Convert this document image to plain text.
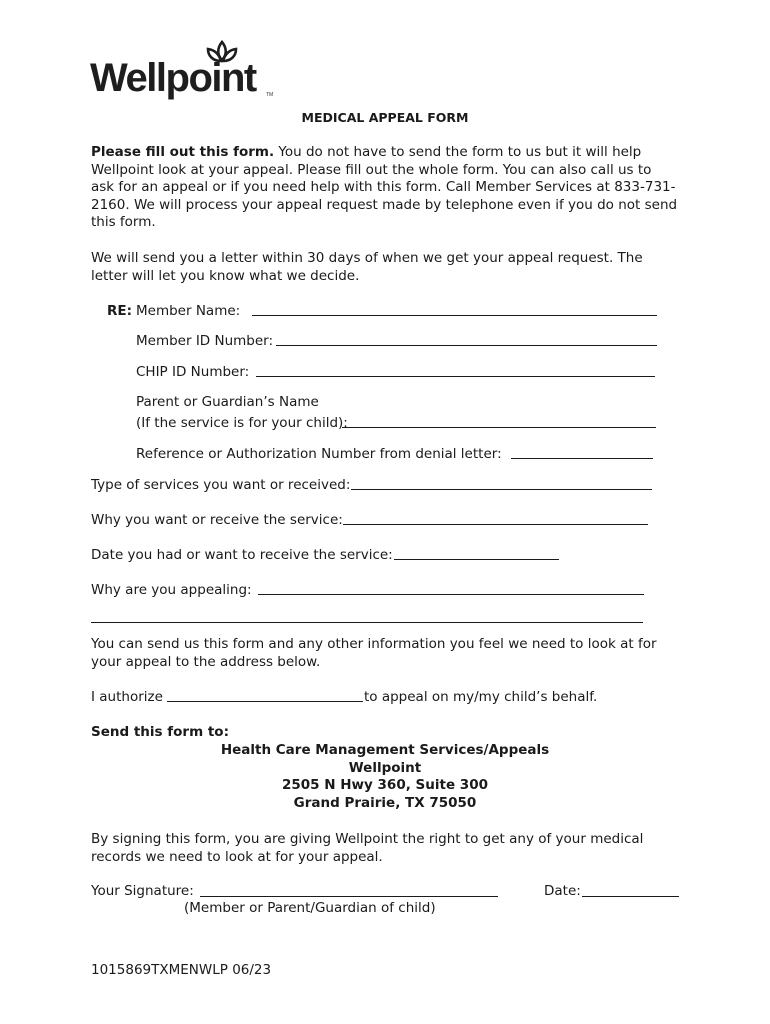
Wellpoint TM
MEDICAL APPEAL FORM
Please fill out this form. You do not have to send the form to us but it will help
Wellpoint look at your appeal. Please fill out the whole form. You can also call us to
ask for an appeal or if you need help with this form. Call Member Services at 833-731-
2160. We will process your appeal request made by telephone even if you do not send
this form.
We will send you a letter within 30 days of when we get your appeal request. The
letter will let you know what we decide.
RE: Member Name:
Member ID Number:
CHIP ID Number:
Parent or Guardian’s Name
(If the service is for your child):
Reference or Authorization Number from denial letter:
Type of services you want or received:
Why you want or receive the service:
Date you had or want to receive the service:
Why are you appealing:
You can send us this form and any other information you feel we need to look at for
your appeal to the address below.
I authorize	to appeal on my/my child’s behalf.
Send this form to:
Health Care Management Services/Appeals
Wellpoint
2505 N Hwy 360, Suite 300
Grand Prairie, TX 75050
By signing this form, you are giving Wellpoint the right to get any of your medical
records we need to look at for your appeal.
Your Signature:	Date:
(Member or Parent/Guardian of child)
1015869TXMENWLP 06/23
